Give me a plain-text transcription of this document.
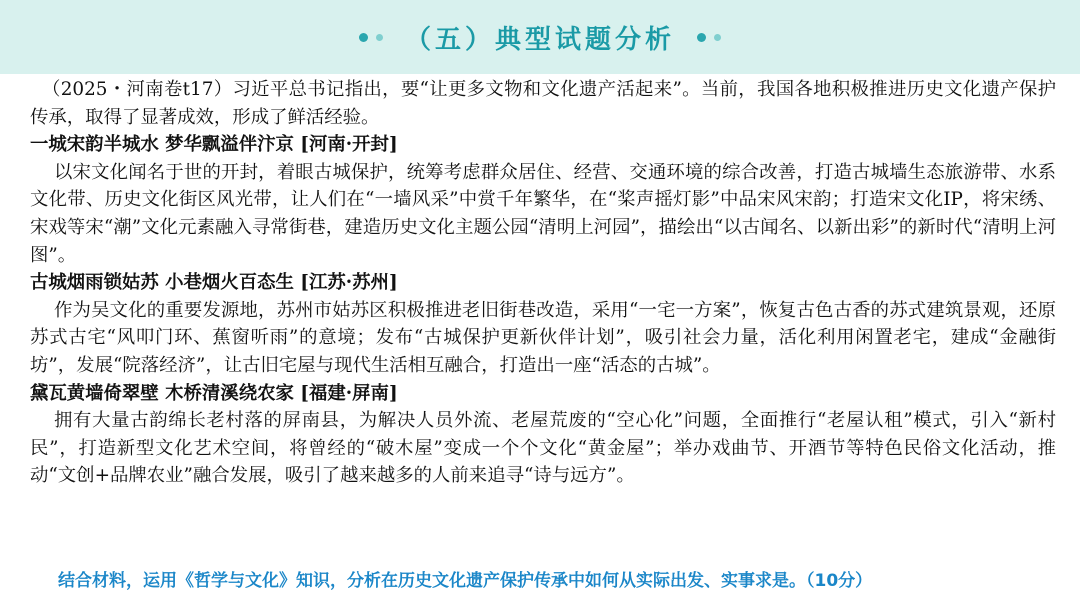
（五）典型试题分析

（2025・河南卷t17）习近平总书记指出，要“让更多文物和文化遗产活起来”。当前，我国各地积极推进历史文化遗产保护传承，取得了显著成效，形成了鲜活经验。

一城宋韵半城水 梦华飘溢伴汴京 [河南·开封]

以宋文化闻名于世的开封，着眼古城保护，统筹考虑群众居住、经营、交通环境的综合改善，打造古城墙生态旅游带、水系文化带、历史文化街区风光带，让人们在“一墙风采”中赏千年繁华，在“桨声摇灯影”中品宋风宋韵；打造宋文化IP，将宋绣、宋戏等宋“潮”文化元素融入寻常街巷，建造历史文化主题公园“清明上河园”，描绘出“以古闻名、以新出彩”的新时代“清明上河图”。

古城烟雨锁姑苏 小巷烟火百态生 [江苏·苏州]

作为吴文化的重要发源地，苏州市姑苏区积极推进老旧街巷改造，采用“一宅一方案”，恢复古色古香的苏式建筑景观，还原苏式古宅“风叩门环、蕉窗听雨”的意境；发布“古城保护更新伙伴计划”，吸引社会力量，活化利用闲置老宅，建成“金融街坊”，发展“院落经济”，让古旧宅屋与现代生活相互融合，打造出一座“活态的古城”。

黛瓦黄墙倚翠壁 木桥清溪绕农家 [福建·屏南]

拥有大量古韵绵长老村落的屏南县，为解决人员外流、老屋荒废的“空心化”问题，全面推行“老屋认租”模式，引入“新村民”，打造新型文化艺术空间，将曾经的“破木屋”变成一个个文化“黄金屋”；举办戏曲节、开酒节等特色民俗文化活动，推动“文创+品牌农业”融合发展，吸引了越来越多的人前来追寻“诗与远方”。

结合材料，运用《哲学与文化》知识，分析在历史文化遗产保护传承中如何从实际出发、实事求是。（10分）
